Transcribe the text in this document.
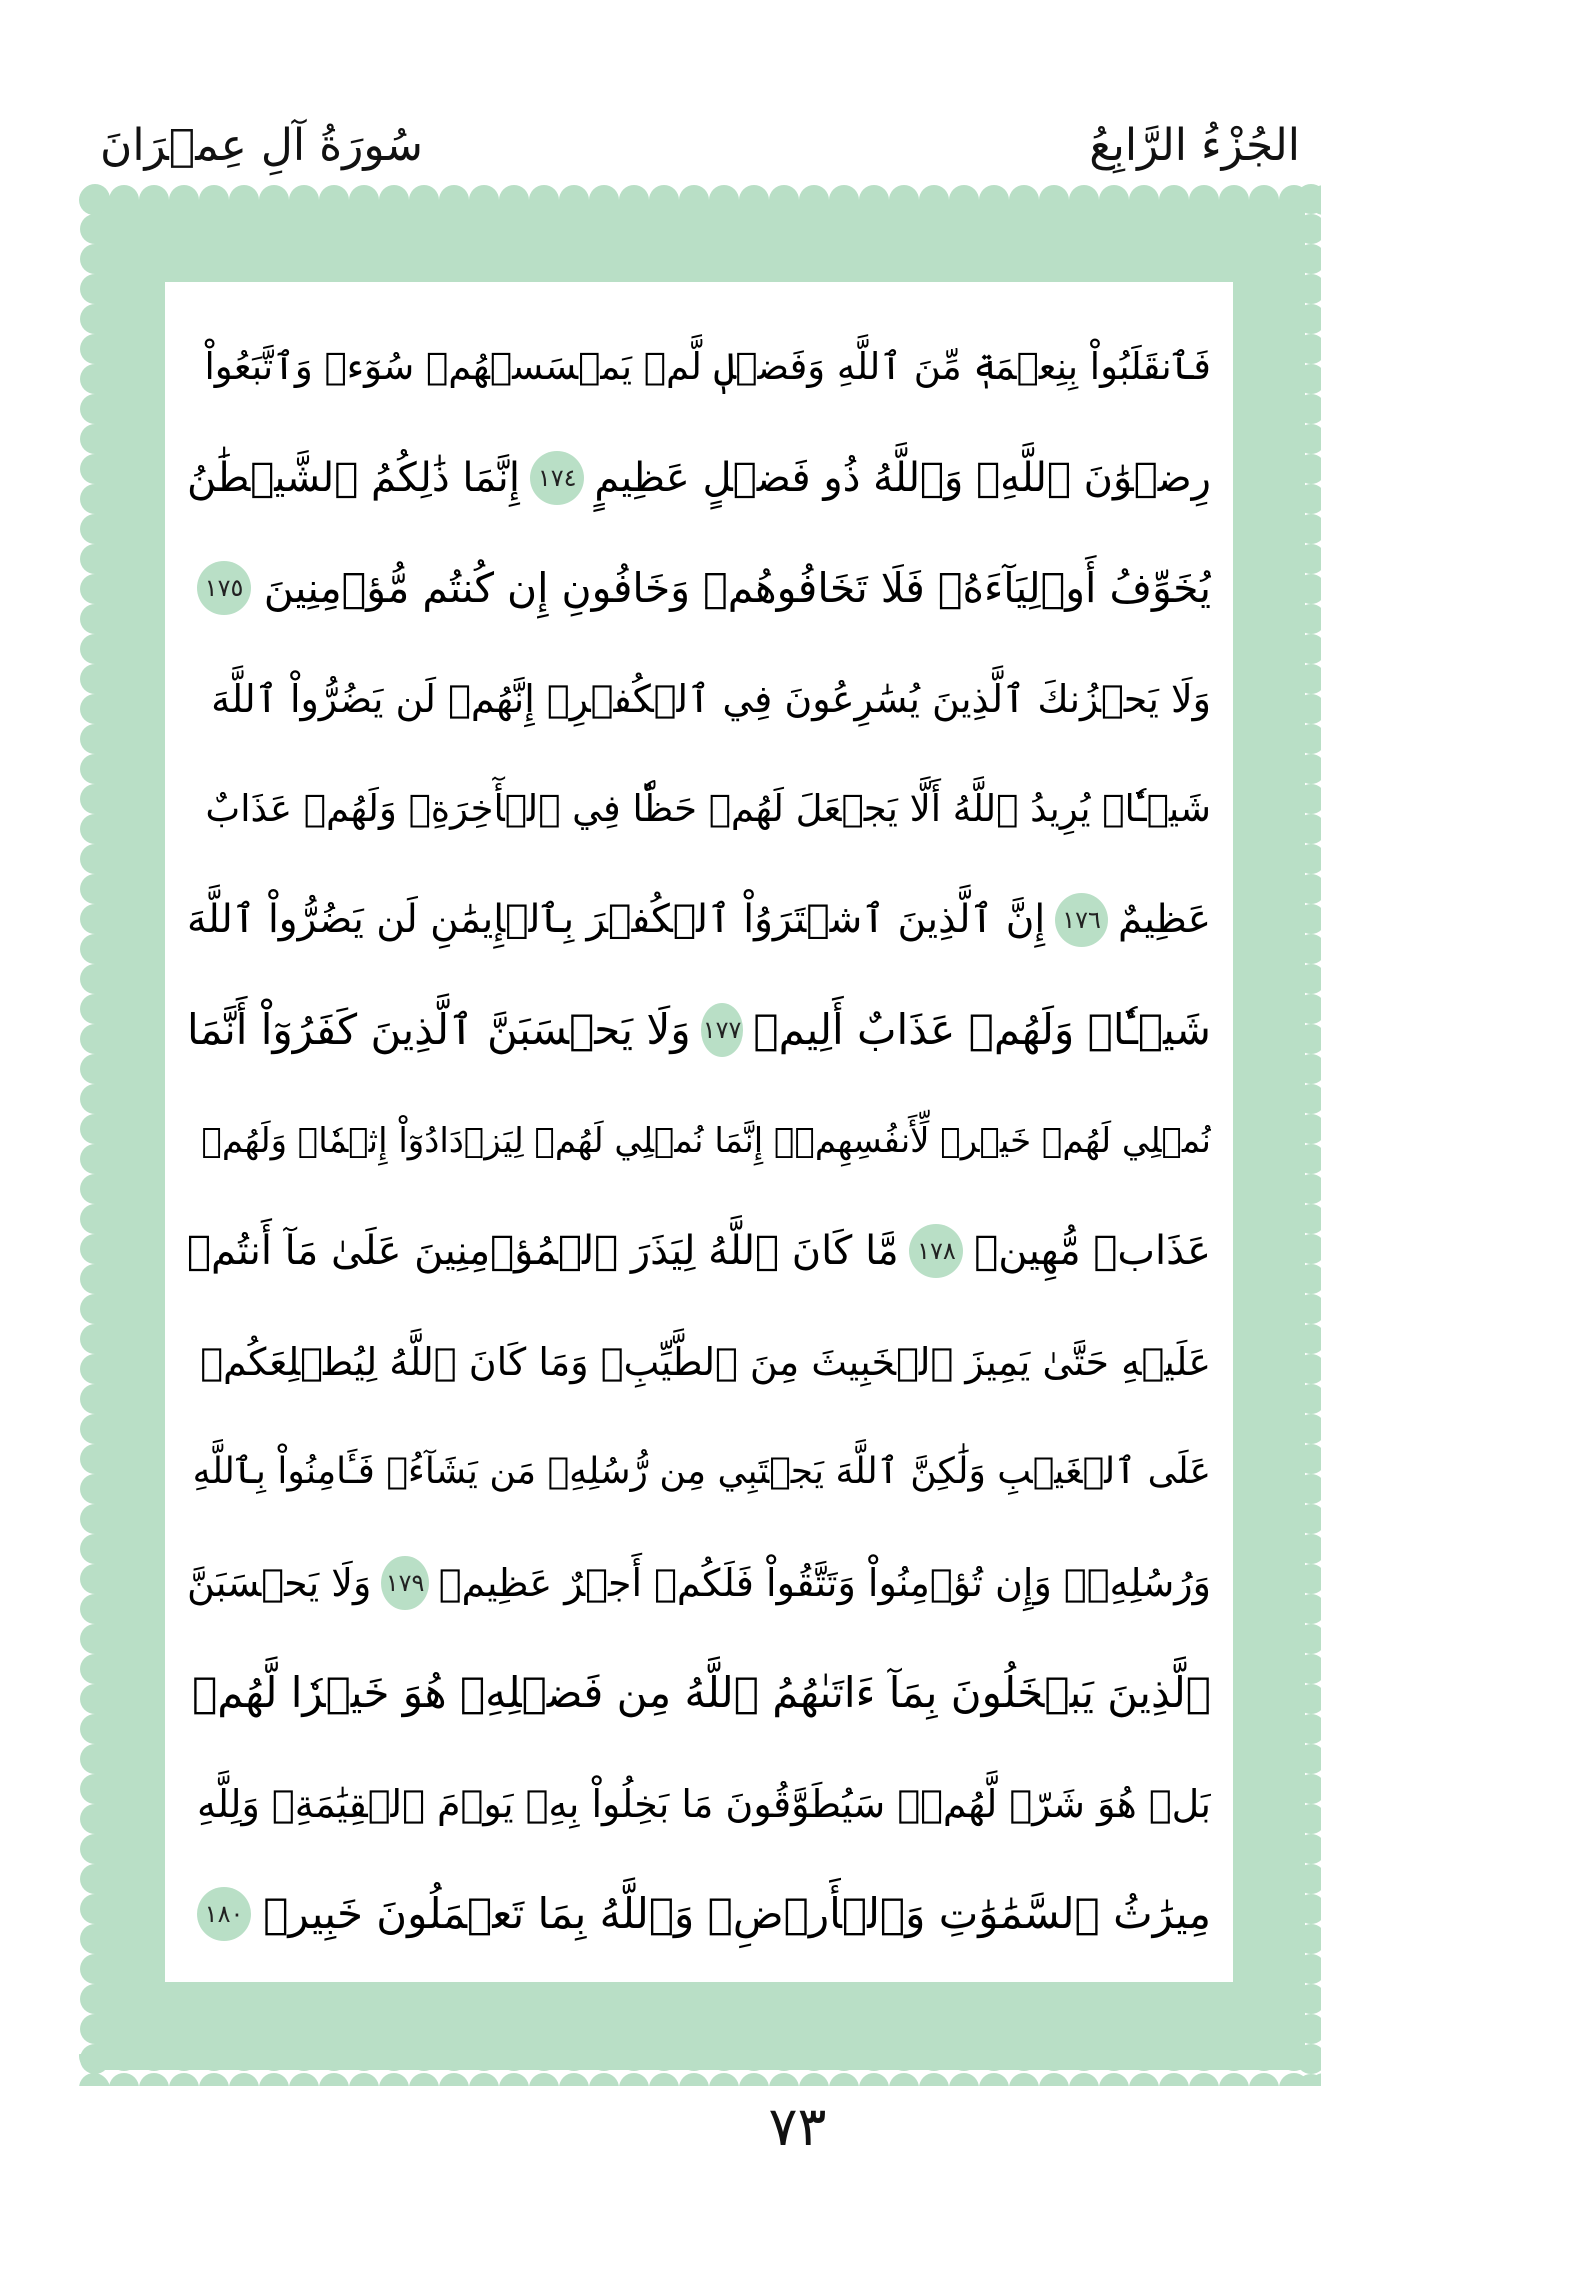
الجُزْءُ الرَّابِعُ
سُورَةُ آلِ عِمۡرَانَ
فَٱنقَلَبُواْ بِنِعۡمَةٖ مِّنَ ٱللَّهِ وَفَضۡلٖ لَّمۡ يَمۡسَسۡهُمۡ سُوٓءٞ وَٱتَّبَعُواْ
رِضۡوَٰنَ ٱللَّهِۗ وَٱللَّهُ ذُو فَضۡلٍ عَظِيمٍ
١٧٤
إِنَّمَا ذَٰلِكُمُ ٱلشَّيۡطَٰنُ
يُخَوِّفُ أَوۡلِيَآءَهُۥ فَلَا تَخَافُوهُمۡ وَخَافُونِ إِن كُنتُم مُّؤۡمِنِينَ
١٧٥
وَلَا يَحۡزُنكَ ٱلَّذِينَ يُسَٰرِعُونَ فِي ٱلۡكُفۡرِۚ إِنَّهُمۡ لَن يَضُرُّواْ ٱللَّهَ
شَيۡـٔٗاۚ يُرِيدُ ٱللَّهُ أَلَّا يَجۡعَلَ لَهُمۡ حَظّٗا فِي ٱلۡأٓخِرَةِۖ وَلَهُمۡ عَذَابٌ
عَظِيمٌ
١٧٦
إِنَّ ٱلَّذِينَ ٱشۡتَرَوُاْ ٱلۡكُفۡرَ بِٱلۡإِيمَٰنِ لَن يَضُرُّواْ ٱللَّهَ
شَيۡـٔٗاۖ وَلَهُمۡ عَذَابٌ أَلِيمٞ
١٧٧
وَلَا يَحۡسَبَنَّ ٱلَّذِينَ كَفَرُوٓاْ أَنَّمَا
نُمۡلِي لَهُمۡ خَيۡرٞ لِّأَنفُسِهِمۡۚ إِنَّمَا نُمۡلِي لَهُمۡ لِيَزۡدَادُوٓاْ إِثۡمٗاۖ وَلَهُمۡ
عَذَابٞ مُّهِينٞ
١٧٨
مَّا كَانَ ٱللَّهُ لِيَذَرَ ٱلۡمُؤۡمِنِينَ عَلَىٰ مَآ أَنتُمۡ
عَلَيۡهِ حَتَّىٰ يَمِيزَ ٱلۡخَبِيثَ مِنَ ٱلطَّيِّبِۗ وَمَا كَانَ ٱللَّهُ لِيُطۡلِعَكُمۡ
عَلَى ٱلۡغَيۡبِ وَلَٰكِنَّ ٱللَّهَ يَجۡتَبِي مِن رُّسُلِهِۦ مَن يَشَآءُۖ فَـَٔامِنُواْ بِٱللَّهِ
وَرُسُلِهِۦۚ وَإِن تُؤۡمِنُواْ وَتَتَّقُواْ فَلَكُمۡ أَجۡرٌ عَظِيمٞ
١٧٩
وَلَا يَحۡسَبَنَّ
ٱلَّذِينَ يَبۡخَلُونَ بِمَآ ءَاتَىٰهُمُ ٱللَّهُ مِن فَضۡلِهِۦ هُوَ خَيۡرٗا لَّهُمۖ
بَلۡ هُوَ شَرّٞ لَّهُمۡۖ سَيُطَوَّقُونَ مَا بَخِلُواْ بِهِۦ يَوۡمَ ٱلۡقِيَٰمَةِۗ وَلِلَّهِ
مِيرَٰثُ ٱلسَّمَٰوَٰتِ وَٱلۡأَرۡضِۗ وَٱللَّهُ بِمَا تَعۡمَلُونَ خَبِيرٞ
١٨٠
٧٣
